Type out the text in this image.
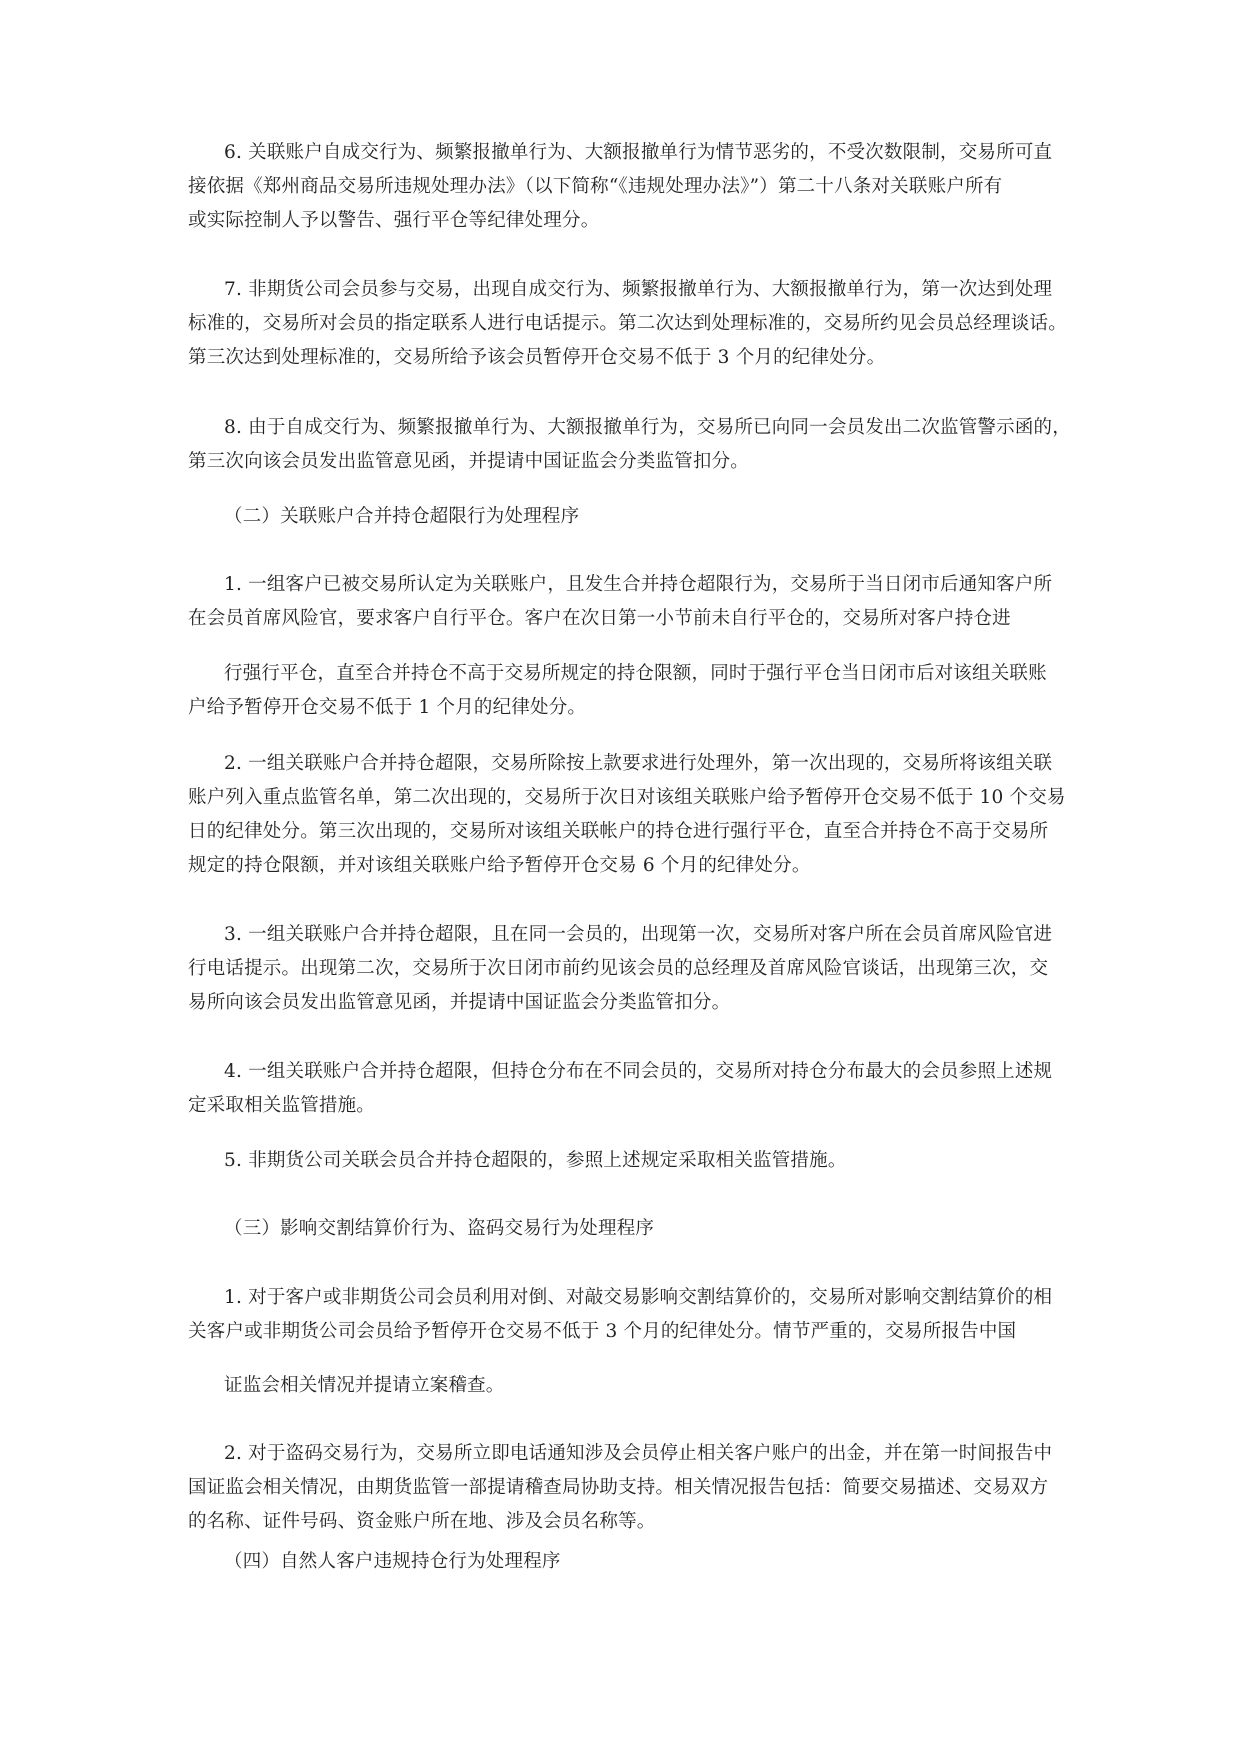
6. 关联账户自成交行为、频繁报撤单行为、大额报撤单行为情节恶劣的，不受次数限制，交易所可直
接依据《郑州商品交易所违规处理办法》（以下简称“《违规处理办法》”）第二十八条对关联账户所有
或实际控制人予以警告、强行平仓等纪律处理分。

7. 非期货公司会员参与交易，出现自成交行为、频繁报撤单行为、大额报撤单行为，第一次达到处理
标准的，交易所对会员的指定联系人进行电话提示。第二次达到处理标准的，交易所约见会员总经理谈话。
第三次达到处理标准的，交易所给予该会员暂停开仓交易不低于 3 个月的纪律处分。

8. 由于自成交行为、频繁报撤单行为、大额报撤单行为，交易所已向同一会员发出二次监管警示函的，
第三次向该会员发出监管意见函，并提请中国证监会分类监管扣分。

（二）关联账户合并持仓超限行为处理程序

1. 一组客户已被交易所认定为关联账户，且发生合并持仓超限行为，交易所于当日闭市后通知客户所
在会员首席风险官，要求客户自行平仓。客户在次日第一小节前未自行平仓的，交易所对客户持仓进

行强行平仓，直至合并持仓不高于交易所规定的持仓限额，同时于强行平仓当日闭市后对该组关联账
户给予暂停开仓交易不低于 1 个月的纪律处分。

2. 一组关联账户合并持仓超限，交易所除按上款要求进行处理外，第一次出现的，交易所将该组关联
账户列入重点监管名单，第二次出现的，交易所于次日对该组关联账户给予暂停开仓交易不低于 10 个交易
日的纪律处分。第三次出现的，交易所对该组关联帐户的持仓进行强行平仓，直至合并持仓不高于交易所
规定的持仓限额，并对该组关联账户给予暂停开仓交易 6 个月的纪律处分。

3. 一组关联账户合并持仓超限，且在同一会员的，出现第一次，交易所对客户所在会员首席风险官进
行电话提示。出现第二次，交易所于次日闭市前约见该会员的总经理及首席风险官谈话，出现第三次，交
易所向该会员发出监管意见函，并提请中国证监会分类监管扣分。

4. 一组关联账户合并持仓超限，但持仓分布在不同会员的，交易所对持仓分布最大的会员参照上述规
定采取相关监管措施。

5. 非期货公司关联会员合并持仓超限的，参照上述规定采取相关监管措施。

（三）影响交割结算价行为、盗码交易行为处理程序

1. 对于客户或非期货公司会员利用对倒、对敲交易影响交割结算价的，交易所对影响交割结算价的相
关客户或非期货公司会员给予暂停开仓交易不低于 3 个月的纪律处分。情节严重的，交易所报告中国

证监会相关情况并提请立案稽查。

2. 对于盗码交易行为，交易所立即电话通知涉及会员停止相关客户账户的出金，并在第一时间报告中
国证监会相关情况，由期货监管一部提请稽查局协助支持。相关情况报告包括：简要交易描述、交易双方
的名称、证件号码、资金账户所在地、涉及会员名称等。

（四）自然人客户违规持仓行为处理程序
